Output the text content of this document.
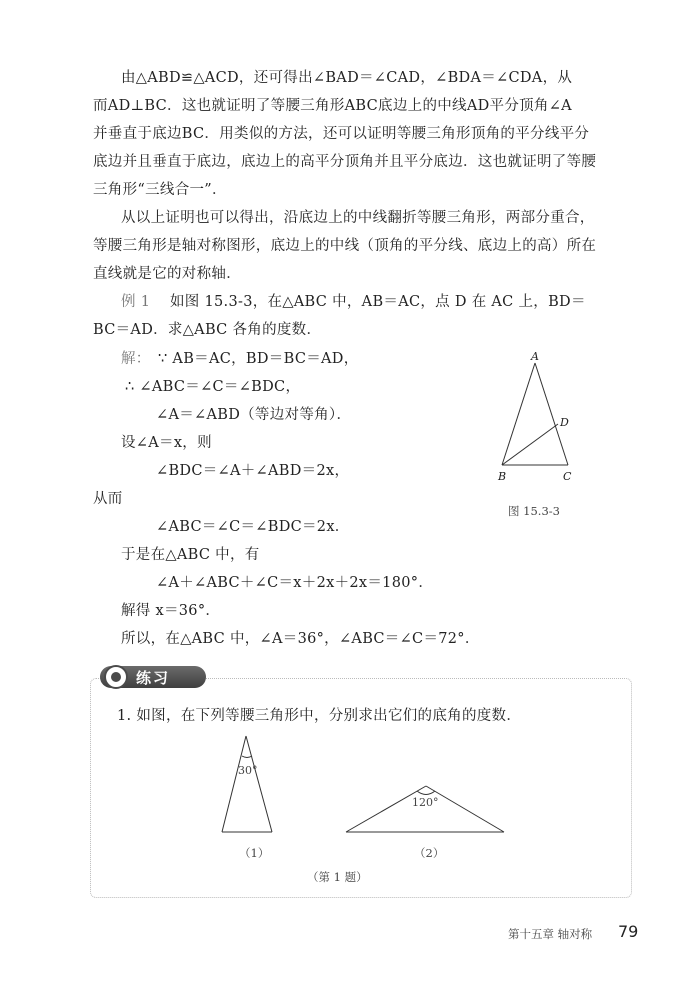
由△ABD≌△ACD，还可得出∠BAD＝∠CAD，∠BDA＝∠CDA，从
而AD⊥BC．这也就证明了等腰三角形ABC底边上的中线AD平分顶角∠A
并垂直于底边BC．用类似的方法，还可以证明等腰三角形顶角的平分线平分
底边并且垂直于底边，底边上的高平分顶角并且平分底边．这也就证明了等腰
三角形“三线合一”．
从以上证明也可以得出，沿底边上的中线翻折等腰三角形，两部分重合，
等腰三角形是轴对称图形，底边上的中线（顶角的平分线、底边上的高）所在
直线就是它的对称轴．
例 1 如图 15.3-3，在△ABC 中，AB＝AC，点 D 在 AC 上，BD＝
BC＝AD．求△ABC 各角的度数．
解： ∵ AB＝AC，BD＝BC＝AD，
∴ ∠ABC＝∠C＝∠BDC，
∠A＝∠ABD（等边对等角）．
设∠A＝x，则
∠BDC＝∠A＋∠ABD＝2x，
从而
∠ABC＝∠C＝∠BDC＝2x．
于是在△ABC 中，有
∠A＋∠ABC＋∠C＝x＋2x＋2x＝180°．
解得 x＝36°．
所以，在△ABC 中，∠A＝36°，∠ABC＝∠C＝72°．
A
B	C
D
图 15.3-3
练习
1. 如图，在下列等腰三角形中，分别求出它们的底角的度数．
30°
120°
（1）	（2）
（第 1 题）
第十五章 轴对称 79
